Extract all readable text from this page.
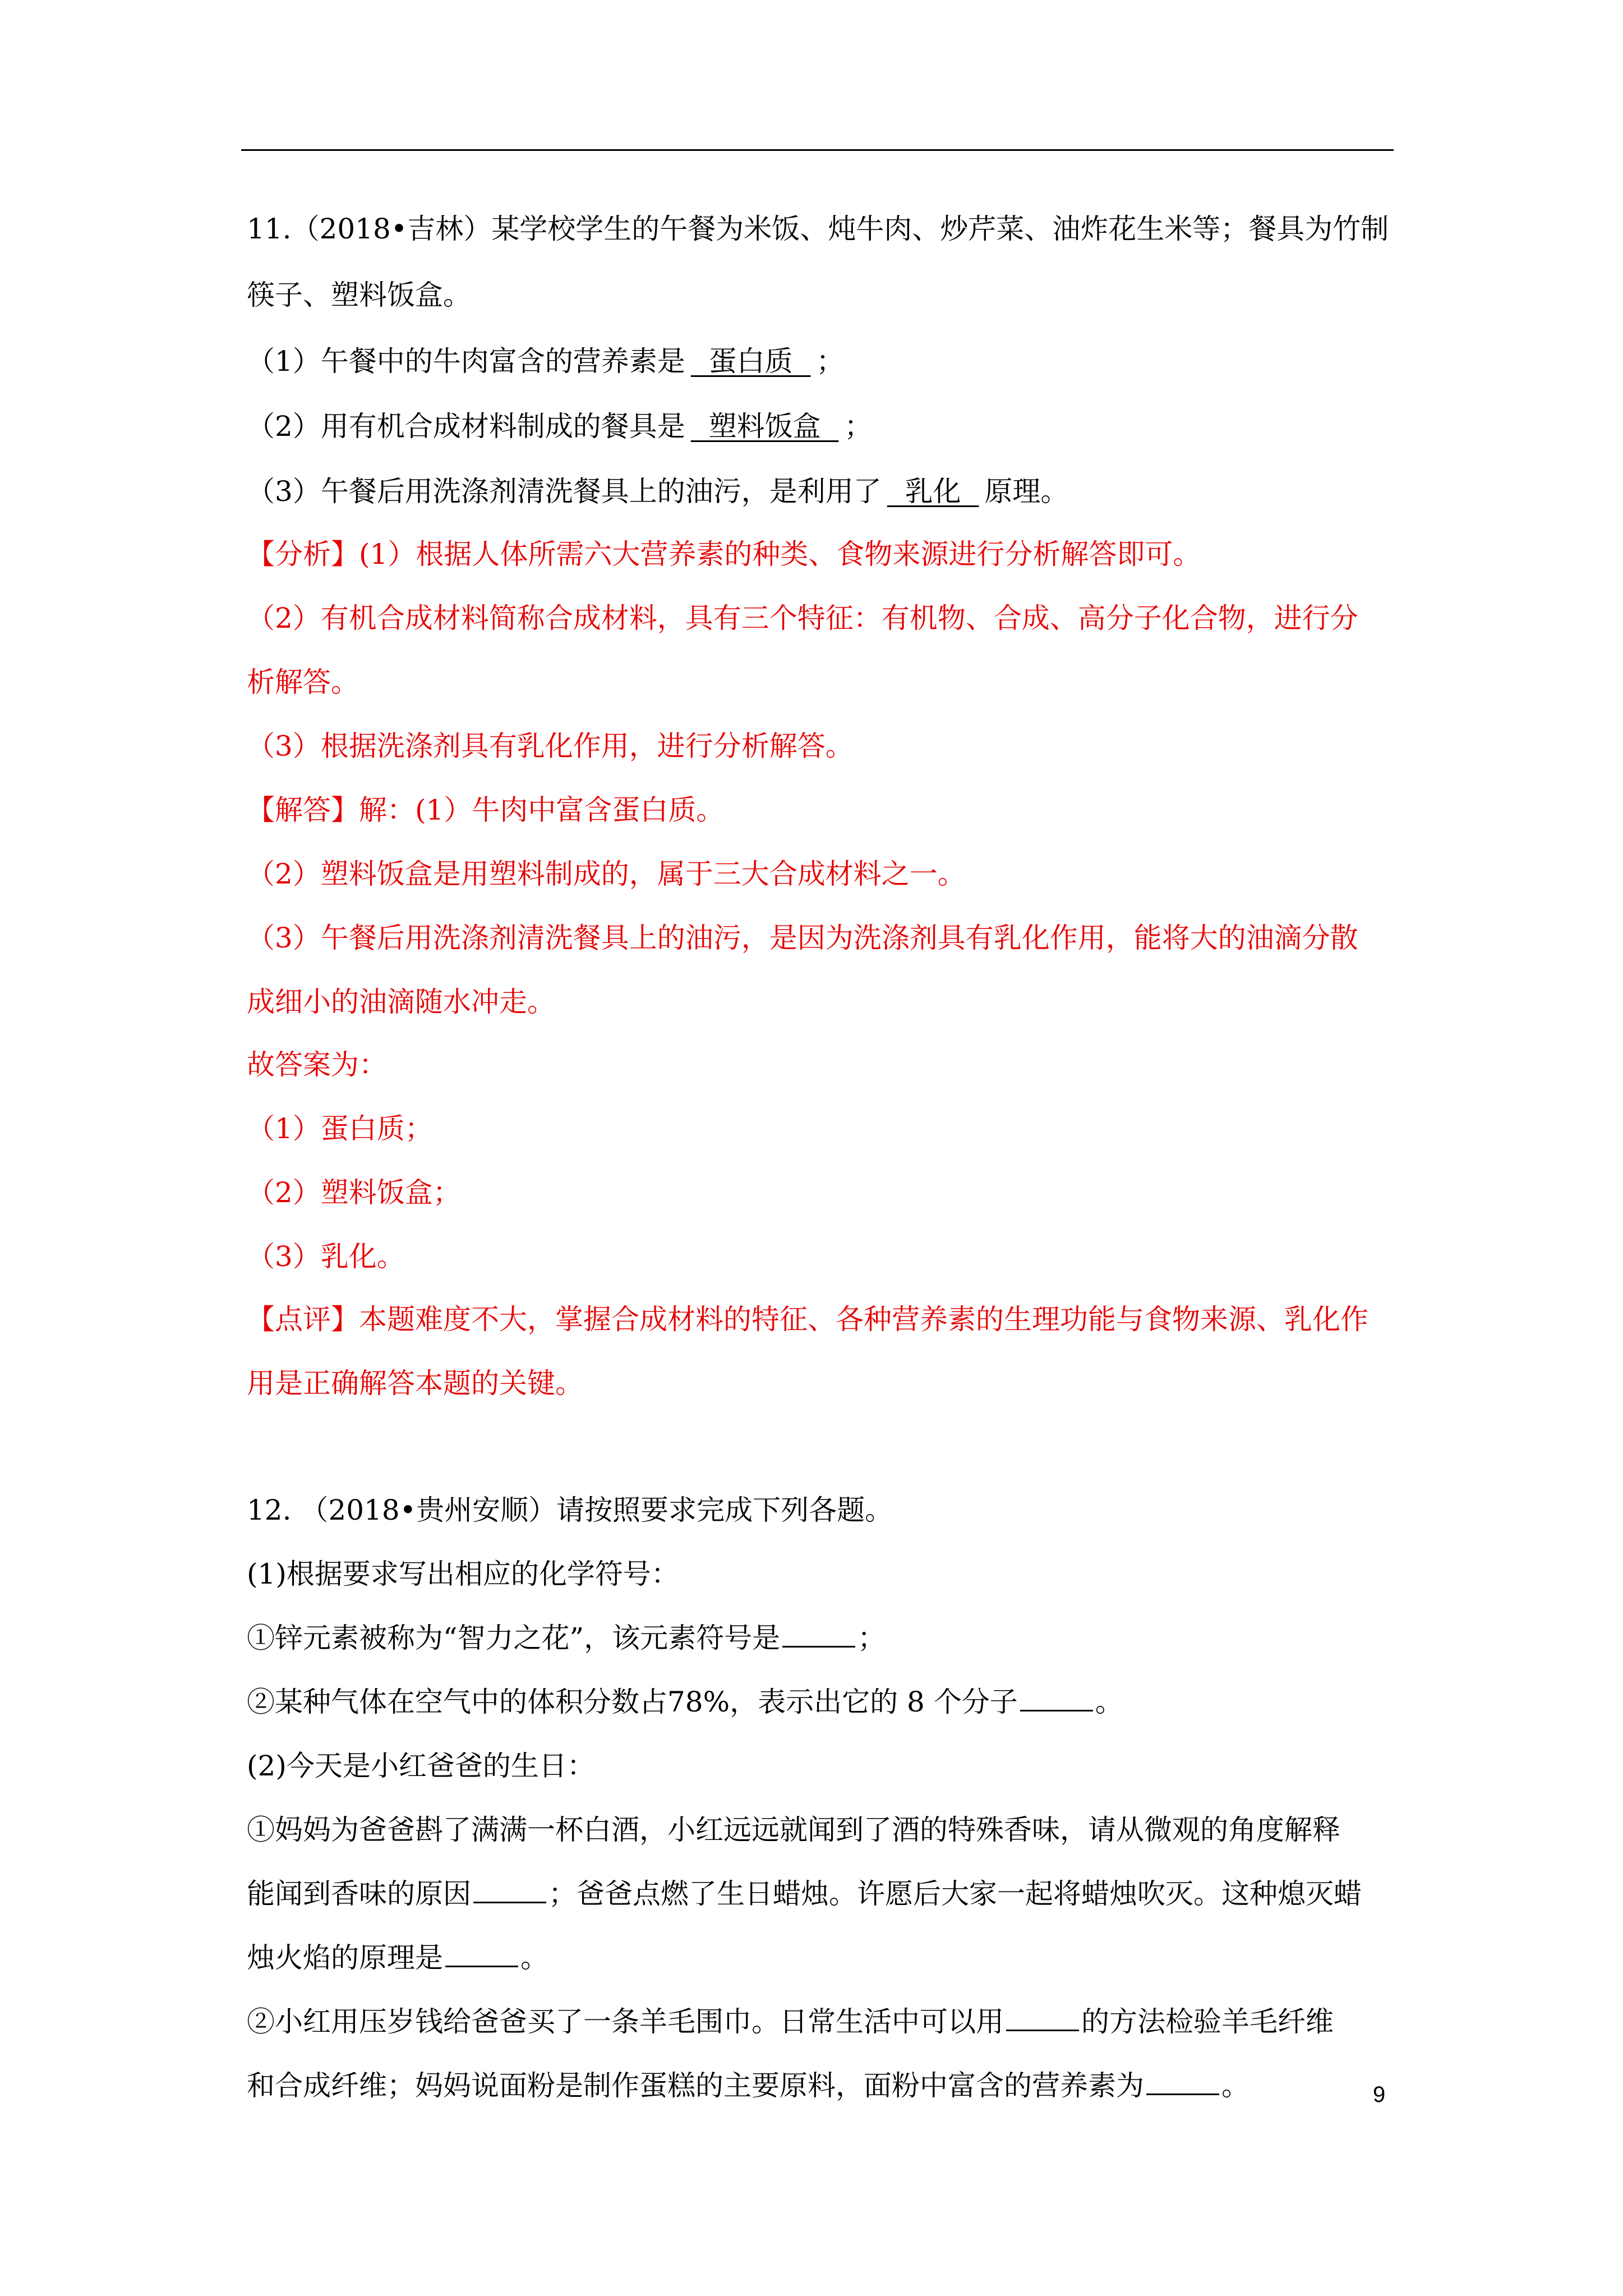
11.（2018•吉林）某学校学生的午餐为米饭、炖牛肉、炒芹菜、油炸花生米等；餐具为竹制
筷子、塑料饭盒。
（1）午餐中的牛肉富含的营养素是  蛋白质  ；
（2）用有机合成材料制成的餐具是  塑料饭盒  ；
（3）午餐后用洗涤剂清洗餐具上的油污，是利用了  乳化  原理。
【分析】(1）根据人体所需六大营养素的种类、食物来源进行分析解答即可。
（2）有机合成材料简称合成材料，具有三个特征：有机物、合成、高分子化合物，进行分
析解答。
（3）根据洗涤剂具有乳化作用，进行分析解答。
【解答】解：(1）牛肉中富含蛋白质。
（2）塑料饭盒是用塑料制成的，属于三大合成材料之一。
（3）午餐后用洗涤剂清洗餐具上的油污，是因为洗涤剂具有乳化作用，能将大的油滴分散
成细小的油滴随水冲走。
故答案为：
（1）蛋白质；
（2）塑料饭盒；
（3）乳化。
【点评】本题难度不大，掌握合成材料的特征、各种营养素的生理功能与食物来源、乳化作
用是正确解答本题的关键。
12. （2018•贵州安顺）请按照要求完成下列各题。
(1)根据要求写出相应的化学符号：
①锌元素被称为“智力之花”，该元素符号是	；
②某种气体在空气中的体积分数占78%，表示出它的 8 个分子	。
(2)今天是小红爸爸的生日：
①妈妈为爸爸斟了满满一杯白酒，小红远远就闻到了酒的特殊香味，请从微观的角度解释
能闻到香味的原因	；爸爸点燃了生日蜡烛。许愿后大家一起将蜡烛吹灭。这种熄灭蜡
烛火焰的原理是	。
②小红用压岁钱给爸爸买了一条羊毛围巾。日常生活中可以用	的方法检验羊毛纤维
和合成纤维；妈妈说面粉是制作蛋糕的主要原料，面粉中富含的营养素为	。	9
